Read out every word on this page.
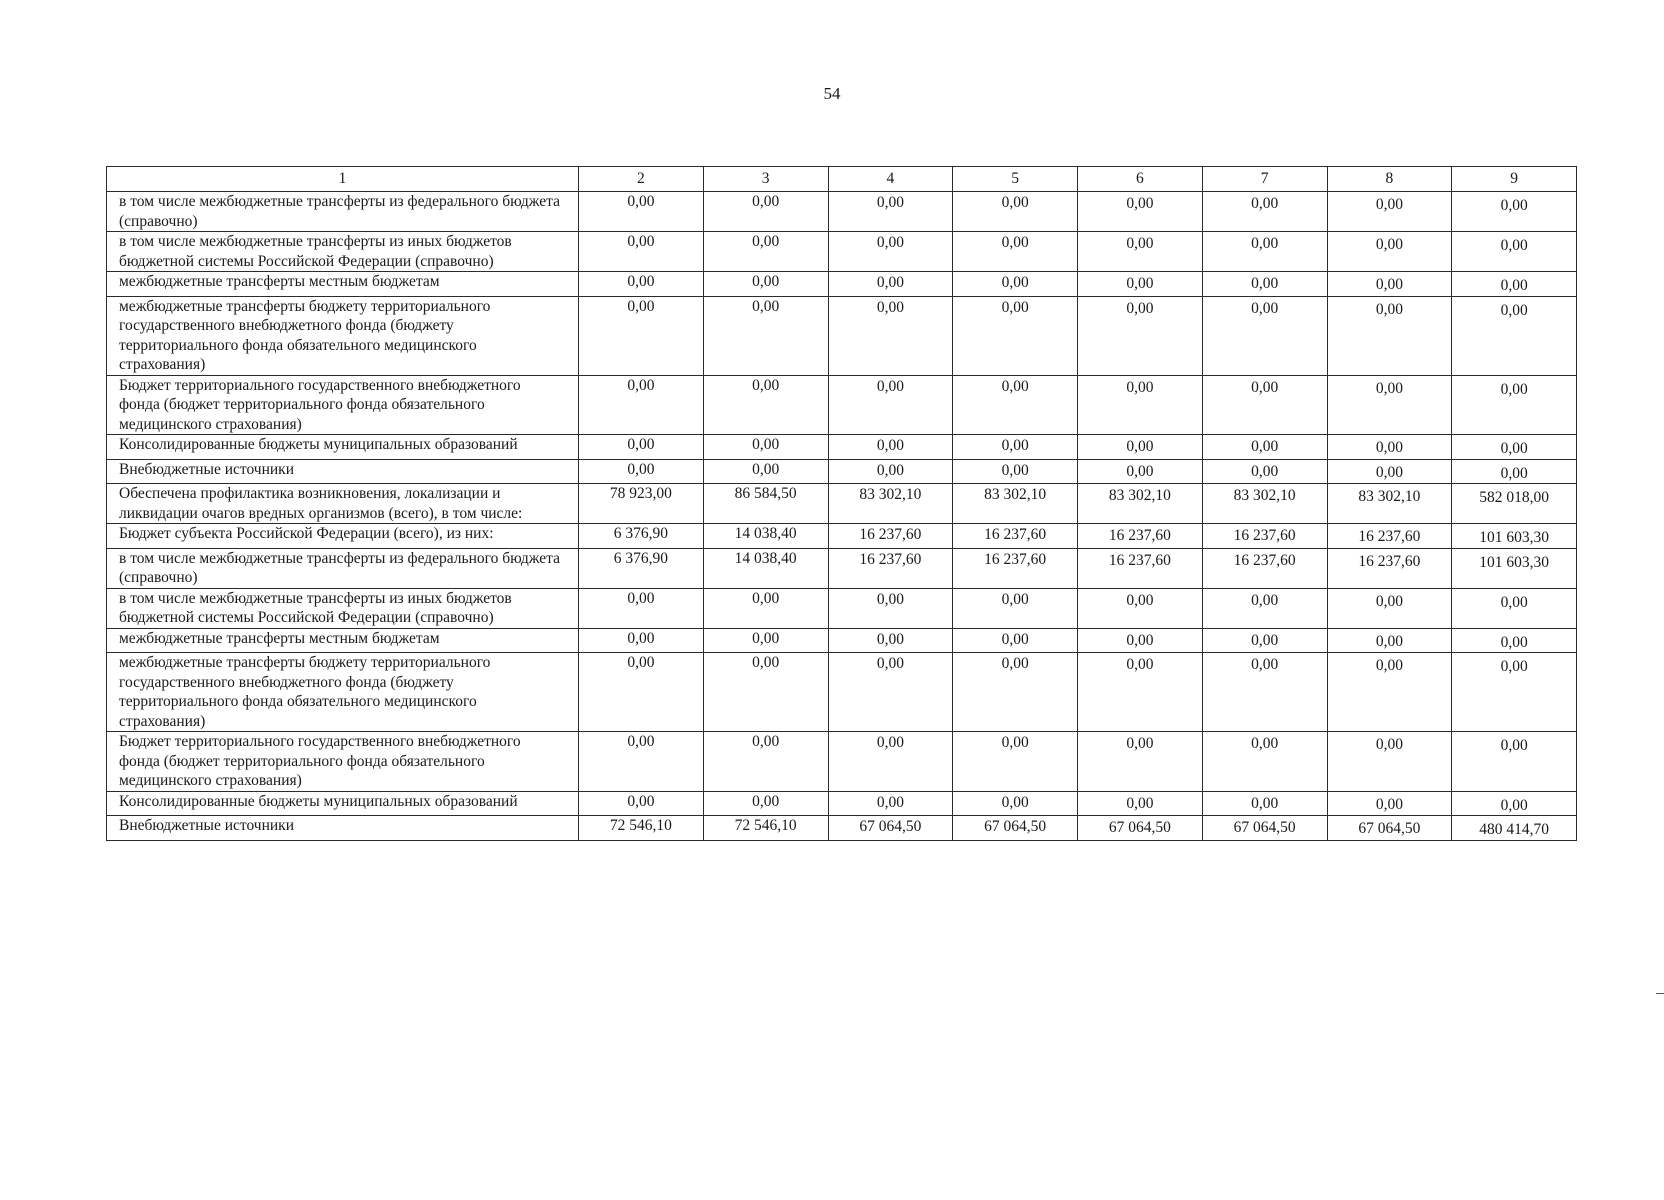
54
1	2	3	4	5	6	7	8	9
в том числе межбюджетные трансферты из федерального бюджета (справочно)	0,00	0,00	0,00	0,00	0,00	0,00	0,00	0,00
в том числе межбюджетные трансферты из иных бюджетов бюджетной системы Российской Федерации (справочно)	0,00	0,00	0,00	0,00	0,00	0,00	0,00	0,00
межбюджетные трансферты местным бюджетам	0,00	0,00	0,00	0,00	0,00	0,00	0,00	0,00
межбюджетные трансферты бюджету территориального государственного внебюджетного фонда (бюджету территориального фонда обязательного медицинского страхования)	0,00	0,00	0,00	0,00	0,00	0,00	0,00	0,00
Бюджет территориального государственного внебюджетного фонда (бюджет территориального фонда обязательного медицинского страхования)	0,00	0,00	0,00	0,00	0,00	0,00	0,00	0,00
Консолидированные бюджеты муниципальных образований	0,00	0,00	0,00	0,00	0,00	0,00	0,00	0,00
Внебюджетные источники	0,00	0,00	0,00	0,00	0,00	0,00	0,00	0,00
Обеспечена профилактика возникновения, локализации и ликвидации очагов вредных организмов (всего), в том числе:	78 923,00	86 584,50	83 302,10	83 302,10	83 302,10	83 302,10	83 302,10	582 018,00
Бюджет субъекта Российской Федерации (всего), из них:	6 376,90	14 038,40	16 237,60	16 237,60	16 237,60	16 237,60	16 237,60	101 603,30
в том числе межбюджетные трансферты из федерального бюджета (справочно)	6 376,90	14 038,40	16 237,60	16 237,60	16 237,60	16 237,60	16 237,60	101 603,30
в том числе межбюджетные трансферты из иных бюджетов бюджетной системы Российской Федерации (справочно)	0,00	0,00	0,00	0,00	0,00	0,00	0,00	0,00
межбюджетные трансферты местным бюджетам	0,00	0,00	0,00	0,00	0,00	0,00	0,00	0,00
межбюджетные трансферты бюджету территориального государственного внебюджетного фонда (бюджету территориального фонда обязательного медицинского страхования)	0,00	0,00	0,00	0,00	0,00	0,00	0,00	0,00
Бюджет территориального государственного внебюджетного фонда (бюджет территориального фонда обязательного медицинского страхования)	0,00	0,00	0,00	0,00	0,00	0,00	0,00	0,00
Консолидированные бюджеты муниципальных образований	0,00	0,00	0,00	0,00	0,00	0,00	0,00	0,00
Внебюджетные источники	72 546,10	72 546,10	67 064,50	67 064,50	67 064,50	67 064,50	67 064,50	480 414,70
